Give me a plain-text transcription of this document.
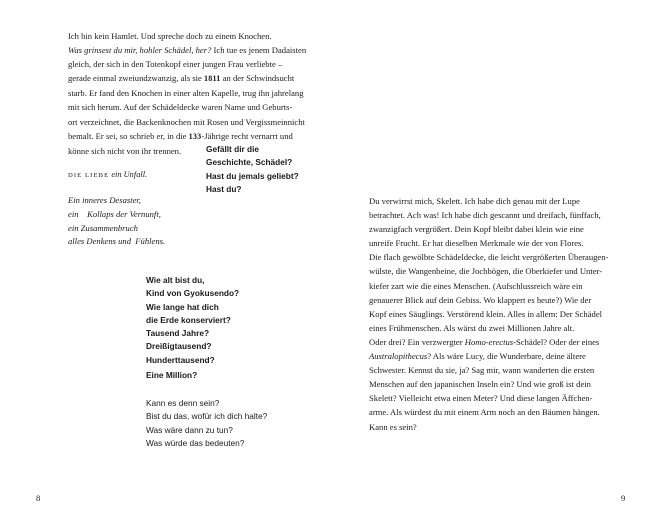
Ich bin kein Hamlet. Und spreche doch zu einem Knochen.
Was grinsest du mir, hohler Schädel, her? Ich tue es jenem Dadaisten
gleich, der sich in den Totenkopf einer jungen Frau verliebte –
gerade einmal zweiundzwanzig, als sie 1811 an der Schwindsucht
starb. Er fand den Knochen in einer alten Kapelle, trug ihn jahrelang
mit sich herum. Auf der Schädeldecke waren Name und Geburts-
ort verzeichnet, die Backenknochen mit Rosen und Vergissmeinnicht
bemalt. Er sei, so schrieb er, in die 133-Jährige recht vernarrt und
könne sich nicht von ihr trennen.	Gefällt dir die
Geschichte, Schädel?
Hast du jemals geliebt?
Hast du?
DIE LIEBE ein Unfall.
Ein inneres Desaster,
ein    Kollaps der Vernunft,
ein Zusammenbruch
alles Denkens und  Fühlens.
Wie alt bist du,
Kind von Gyokusendo?
Wie lange hat dich
die Erde konserviert?
Tausend Jahre?
Dreißigtausend?
Hunderttausend?
Eine Million?
Kann es denn sein?
Bist du das, wofür ich dich halte?
Was wäre dann zu tun?
Was würde das bedeuten?
8
Du verwirrst mich, Skelett. Ich habe dich genau mit der Lupe
betrachtet. Ach was! Ich habe dich gescannt und dreifach, fünffach,
zwanzigfach vergrößert. Dein Kopf bleibt dabei klein wie eine
unreife Frucht. Er hat dieselben Merkmale wie der von Flores.
Die flach gewölbte Schädeldecke, die leicht vergrößerten Überaugen-
wülste, die Wangenbeine, die Jochbögen, die Oberkiefer und Unter-
kiefer zart wie die eines Menschen. (Aufschlussreich wäre ein
genauerer Blick auf dein Gebiss. Wo klappert es heute?) Wie der
Kopf eines Säuglings. Verstörend klein. Alles in allem: Der Schädel
eines Frühmenschen. Als wärst du zwei Millionen Jahre alt.
Oder drei? Ein verzwergter Homo-erectus-Schädel? Oder der eines
Australopithecus? Als wäre Lucy, die Wunderbare, deine ältere
Schwester. Kennst du sie, ja? Sag mir, wann wanderten die ersten
Menschen auf den japanischen Inseln ein? Und wie groß ist dein
Skelett? Vielleicht etwa einen Meter? Und diese langen Äffchen-
arme. Als würdest du mit einem Arm noch an den Bäumen hängen.
Kann es sein?
9
